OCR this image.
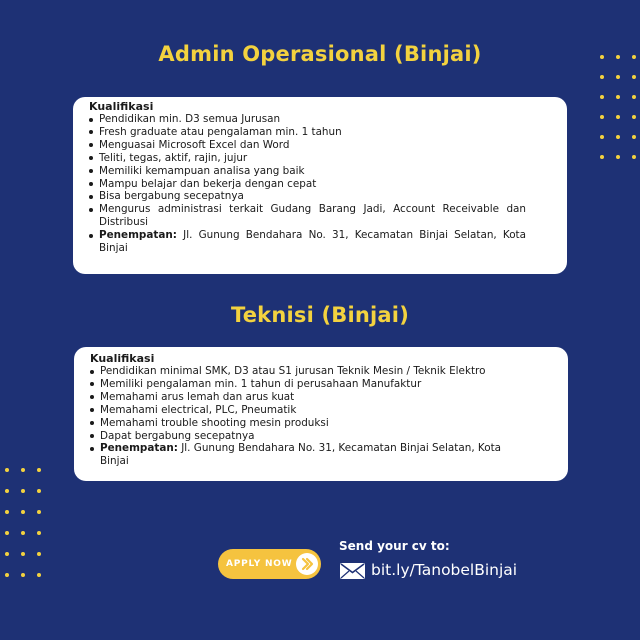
Admin Operasional (Binjai)
Kualifikasi
Pendidikan min. D3 semua Jurusan
Fresh graduate atau pengalaman min. 1 tahun
Menguasai Microsoft Excel dan Word
Teliti, tegas, aktif, rajin, jujur
Memiliki kemampuan analisa yang baik
Mampu belajar dan bekerja dengan cepat
Bisa bergabung secepatnya
Mengurus administrasi terkait Gudang Barang Jadi, Account Receivable dan Distribusi
Penempatan: Jl. Gunung Bendahara No. 31, Kecamatan Binjai Selatan, Kota Binjai
Teknisi (Binjai)
Kualifikasi
Pendidikan minimal SMK, D3 atau S1 jurusan Teknik Mesin / Teknik Elektro
Memiliki pengalaman min. 1 tahun di perusahaan Manufaktur
Memahami arus lemah dan arus kuat
Memahami electrical, PLC, Pneumatik
Memahami trouble shooting mesin produksi
Dapat bergabung secepatnya
Penempatan: Jl. Gunung Bendahara No. 31, Kecamatan Binjai Selatan, Kota Binjai
APPLY NOW
Send your cv to:
bit.ly/TanobelBinjai
